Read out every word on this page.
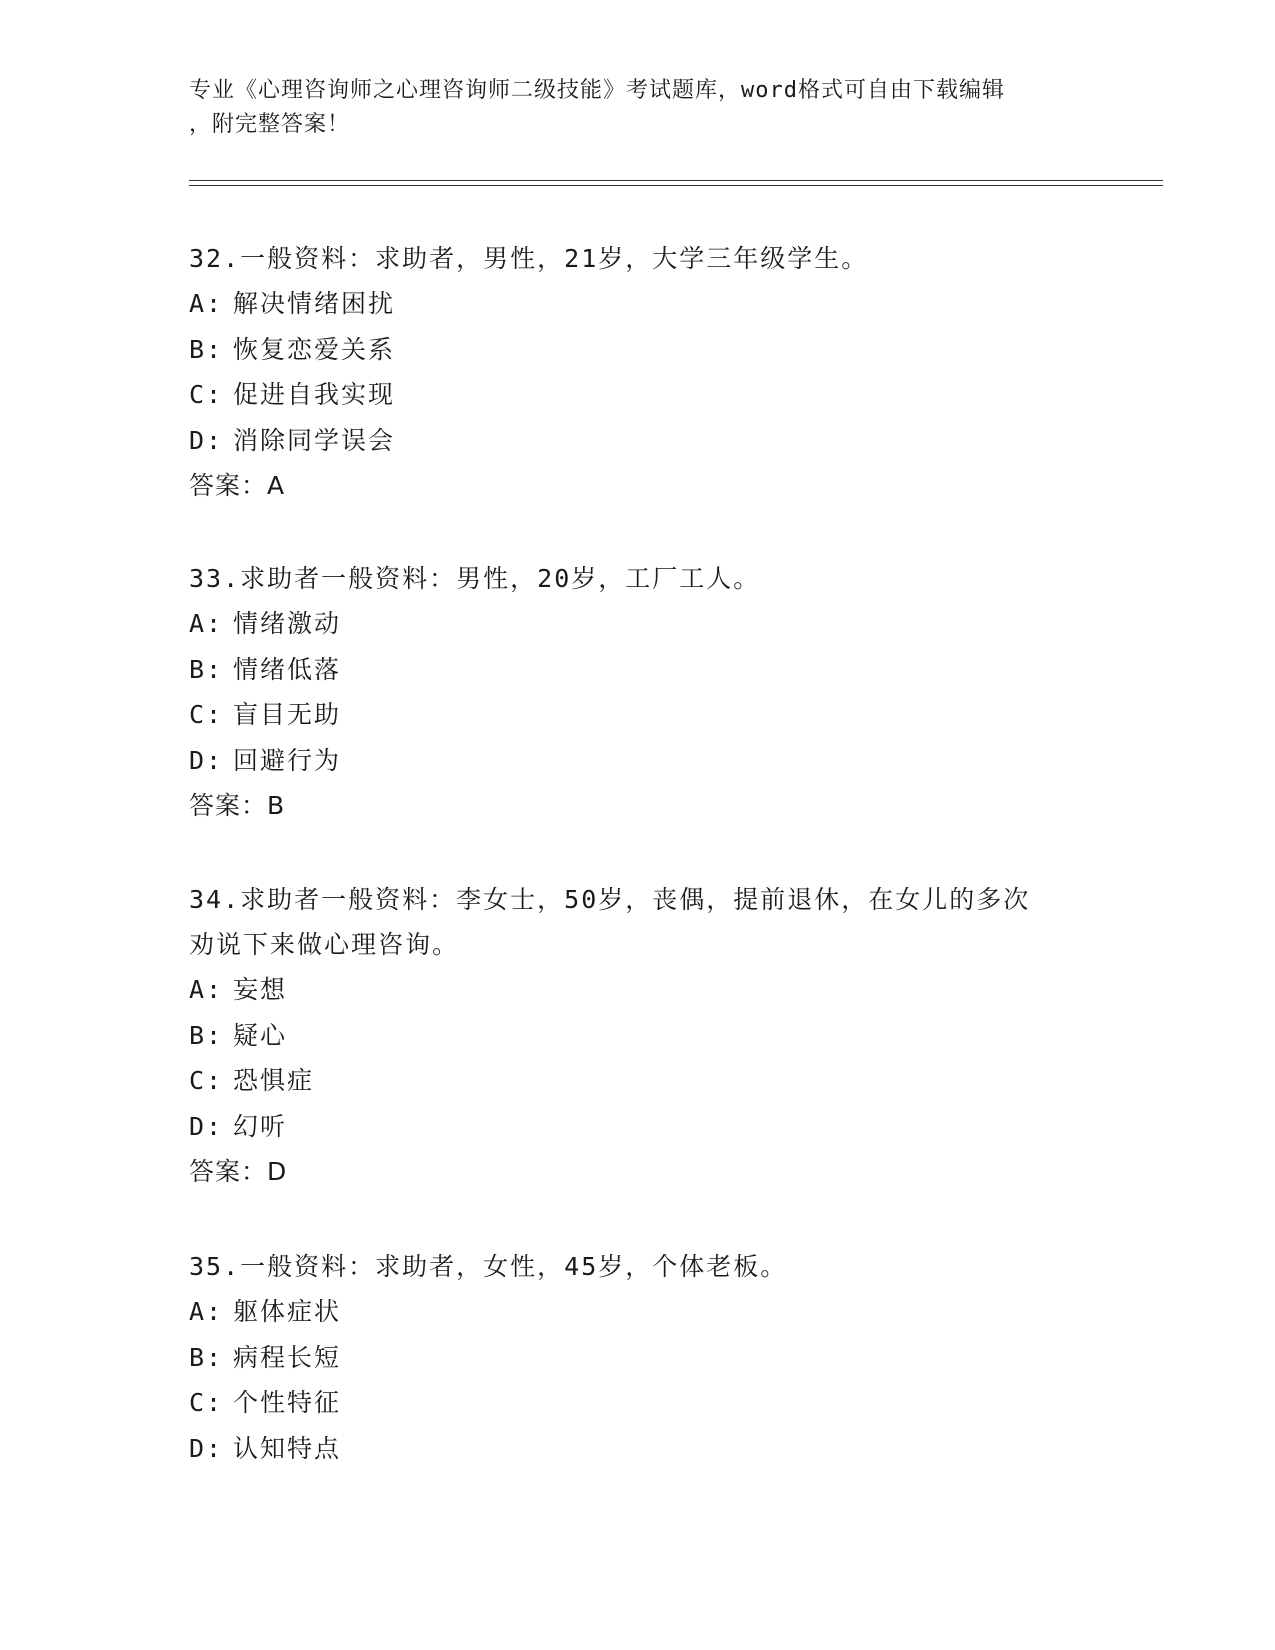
专业《心理咨询师之心理咨询师二级技能》考试题库，word格式可自由下载编辑
，附完整答案！
32.一般资料：求助者，男性，21岁，大学三年级学生。
A: 解决情绪困扰
B: 恢复恋爱关系
C: 促进自我实现
D: 消除同学误会
答案：A
33.求助者一般资料：男性，20岁，工厂工人。
A: 情绪激动
B: 情绪低落
C: 盲目无助
D: 回避行为
答案：B
34.求助者一般资料：李女士，50岁，丧偶，提前退休，在女儿的多次
劝说下来做心理咨询。
A: 妄想
B: 疑心
C: 恐惧症
D: 幻听
答案：D
35.一般资料：求助者，女性，45岁，个体老板。
A: 躯体症状
B: 病程长短
C: 个性特征
D: 认知特点
